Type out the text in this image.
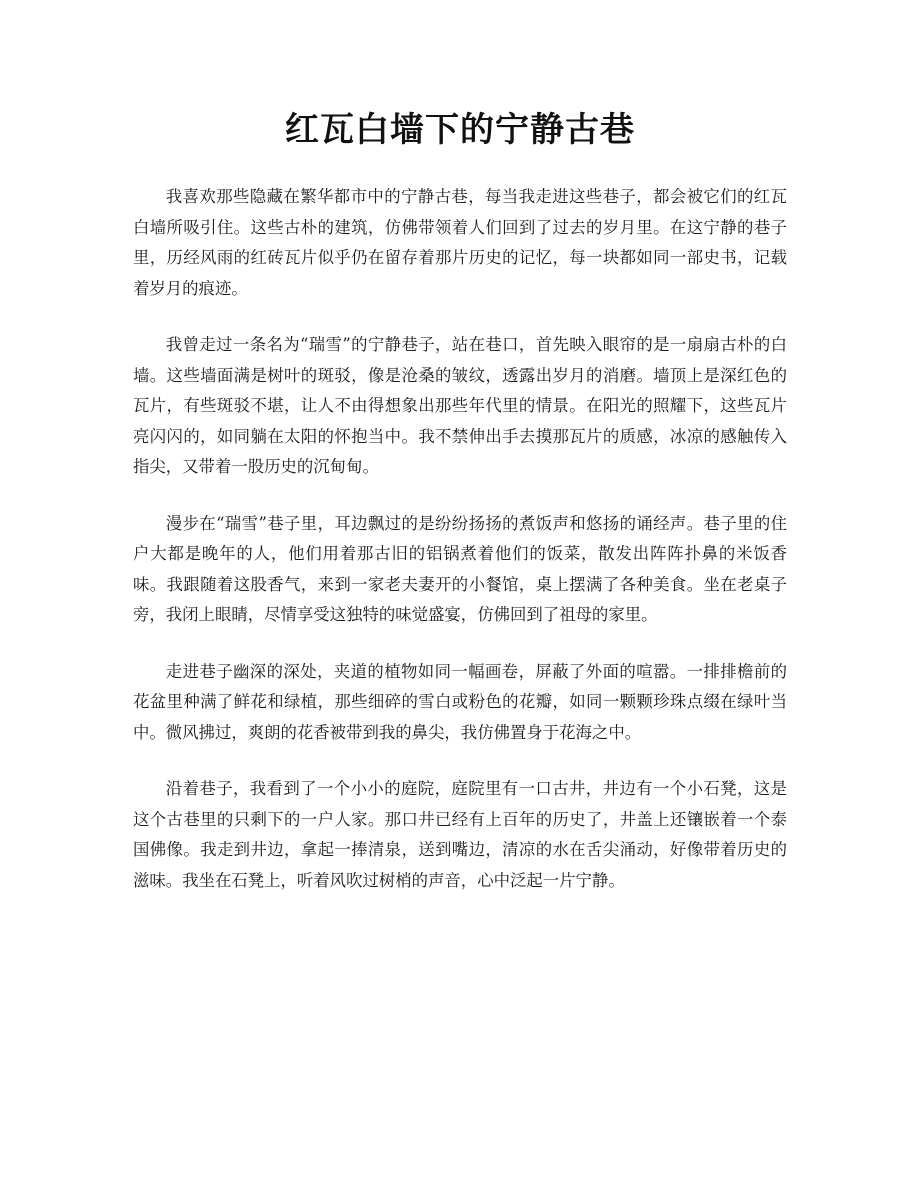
红瓦白墙下的宁静古巷

我喜欢那些隐藏在繁华都市中的宁静古巷，每当我走进这些巷子，都会被它们的红瓦白墙所吸引住。这些古朴的建筑，仿佛带领着人们回到了过去的岁月里。在这宁静的巷子里，历经风雨的红砖瓦片似乎仍在留存着那片历史的记忆，每一块都如同一部史书，记载着岁月的痕迹。

我曾走过一条名为“瑞雪”的宁静巷子，站在巷口，首先映入眼帘的是一扇扇古朴的白墙。这些墙面满是树叶的斑驳，像是沧桑的皱纹，透露出岁月的消磨。墙顶上是深红色的瓦片，有些斑驳不堪，让人不由得想象出那些年代里的情景。在阳光的照耀下，这些瓦片亮闪闪的，如同躺在太阳的怀抱当中。我不禁伸出手去摸那瓦片的质感，冰凉的感触传入指尖，又带着一股历史的沉甸甸。

漫步在“瑞雪”巷子里，耳边飘过的是纷纷扬扬的煮饭声和悠扬的诵经声。巷子里的住户大都是晚年的人，他们用着那古旧的铝锅煮着他们的饭菜，散发出阵阵扑鼻的米饭香味。我跟随着这股香气，来到一家老夫妻开的小餐馆，桌上摆满了各种美食。坐在老桌子旁，我闭上眼睛，尽情享受这独特的味觉盛宴，仿佛回到了祖母的家里。

走进巷子幽深的深处，夹道的植物如同一幅画卷，屏蔽了外面的喧嚣。一排排檐前的花盆里种满了鲜花和绿植，那些细碎的雪白或粉色的花瓣，如同一颗颗珍珠点缀在绿叶当中。微风拂过，爽朗的花香被带到我的鼻尖，我仿佛置身于花海之中。

沿着巷子，我看到了一个小小的庭院，庭院里有一口古井，井边有一个小石凳，这是这个古巷里的只剩下的一户人家。那口井已经有上百年的历史了，井盖上还镶嵌着一个泰国佛像。我走到井边，拿起一捧清泉，送到嘴边，清凉的水在舌尖涌动，好像带着历史的滋味。我坐在石凳上，听着风吹过树梢的声音，心中泛起一片宁静。
